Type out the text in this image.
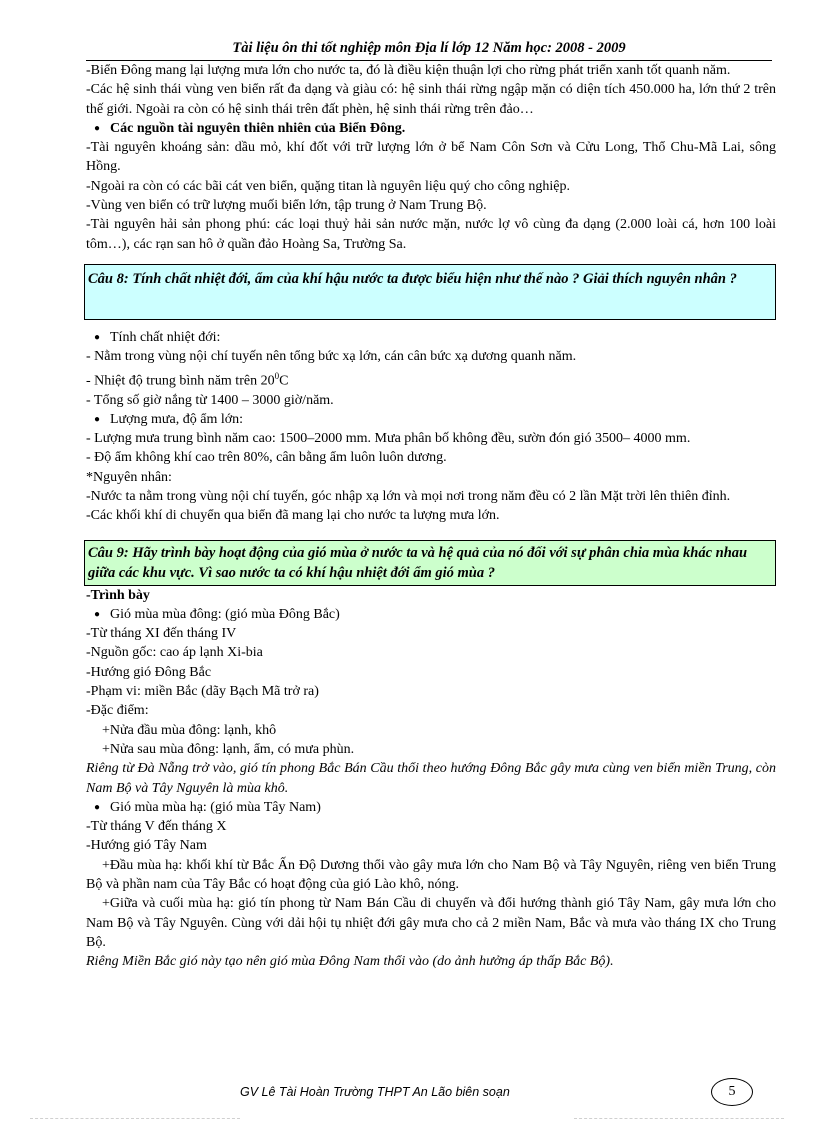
Tài liệu ôn thi tốt nghiệp môn Địa lí lớp 12 Năm học: 2008 - 2009

-Biển Đông mang lại lượng mưa lớn cho nước ta, đó là điều kiện thuận lợi cho rừng phát triển xanh tốt quanh năm.

-Các hệ sinh thái vùng ven biển rất đa dạng và giàu có: hệ sinh thái rừng ngập mặn có diện tích 450.000 ha, lớn thứ 2 trên thế giới. Ngoài ra còn có hệ sinh thái trên đất phèn, hệ sinh thái rừng trên đảo…

● Các nguồn tài nguyên thiên nhiên của Biển Đông.

-Tài nguyên khoáng sản: dầu mỏ, khí đốt với trữ lượng lớn ở bể Nam Côn Sơn và Cửu Long, Thổ Chu-Mã Lai, sông Hồng.

-Ngoài ra còn có các bãi cát ven biển, quặng titan là nguyên liệu quý cho công nghiệp.

-Vùng ven biển có trữ lượng muối biển lớn, tập trung ở Nam Trung Bộ.

-Tài nguyên hải sản phong phú: các loại thuỷ hải sản nước mặn, nước lợ vô cùng đa dạng (2.000 loài cá, hơn 100 loài tôm…), các rạn san hô ở quần đảo Hoàng Sa, Trường Sa.

Câu 8: Tính chất nhiệt đới, ẩm của khí hậu nước ta được biểu hiện như thế nào ? Giải thích nguyên nhân ?

● Tính chất nhiệt đới:

- Nằm trong vùng nội chí tuyến nên tổng bức xạ lớn, cán cân bức xạ dương quanh năm.

- Nhiệt độ trung bình năm trên $20^0C$

- Tổng số giờ nắng từ 1400 – 3000 giờ/năm.

● Lượng mưa, độ ẩm lớn:

- Lượng mưa trung bình năm cao: 1500–2000 mm. Mưa phân bố không đều, sườn đón gió 3500– 4000 mm.

- Độ ẩm không khí cao trên 80%, cân bằng ẩm luôn luôn dương.

*Nguyên nhân:

-Nước ta nằm trong vùng nội chí tuyến, góc nhập xạ lớn và mọi nơi trong năm đều có 2 lần Mặt trời lên thiên đỉnh.

-Các khối khí di chuyển qua biển đã mang lại cho nước ta lượng mưa lớn.

Câu 9: Hãy trình bày hoạt động của gió mùa ở nước ta và hệ quả của nó đối với sự phân chia mùa khác nhau giữa các khu vực. Vì sao nước ta có khí hậu nhiệt đới ẩm gió mùa ?

-Trình bày

● Gió mùa mùa đông: (gió mùa Đông Bắc)

-Từ tháng XI đến tháng IV

-Nguồn gốc: cao áp lạnh Xi-bia

-Hướng gió Đông Bắc

-Phạm vi: miền Bắc (dãy Bạch Mã trở ra)

-Đặc điểm:

+Nửa đầu mùa đông: lạnh, khô

+Nửa sau mùa đông: lạnh, ẩm, có mưa phùn.

Riêng từ Đà Nẵng trở vào, gió tín phong Bắc Bán Cầu thổi theo hướng Đông Bắc gây mưa cùng ven biển miền Trung, còn Nam Bộ và Tây Nguyên là mùa khô.

● Gió mùa mùa hạ: (gió mùa Tây Nam)

-Từ tháng V đến tháng X

-Hướng gió Tây Nam

+Đầu mùa hạ: khối khí từ Bắc Ấn Độ Dương thổi vào gây mưa lớn cho Nam Bộ và Tây Nguyên, riêng ven biển Trung Bộ và phần nam của Tây Bắc có hoạt động của gió Lào khô, nóng.

+Giữa và cuối mùa hạ: gió tín phong từ Nam Bán Cầu di chuyển và đổi hướng thành gió Tây Nam, gây mưa lớn cho Nam Bộ và Tây Nguyên. Cùng với dải hội tụ nhiệt đới gây mưa cho cả 2 miền Nam, Bắc và mưa vào tháng IX cho Trung Bộ.

Riêng Miền Bắc gió này tạo nên gió mùa Đông Nam thổi vào (do ảnh hưởng áp thấp Bắc Bộ).

GV Lê Tài Hoàn Trường THPT An Lão biên soạn	5
